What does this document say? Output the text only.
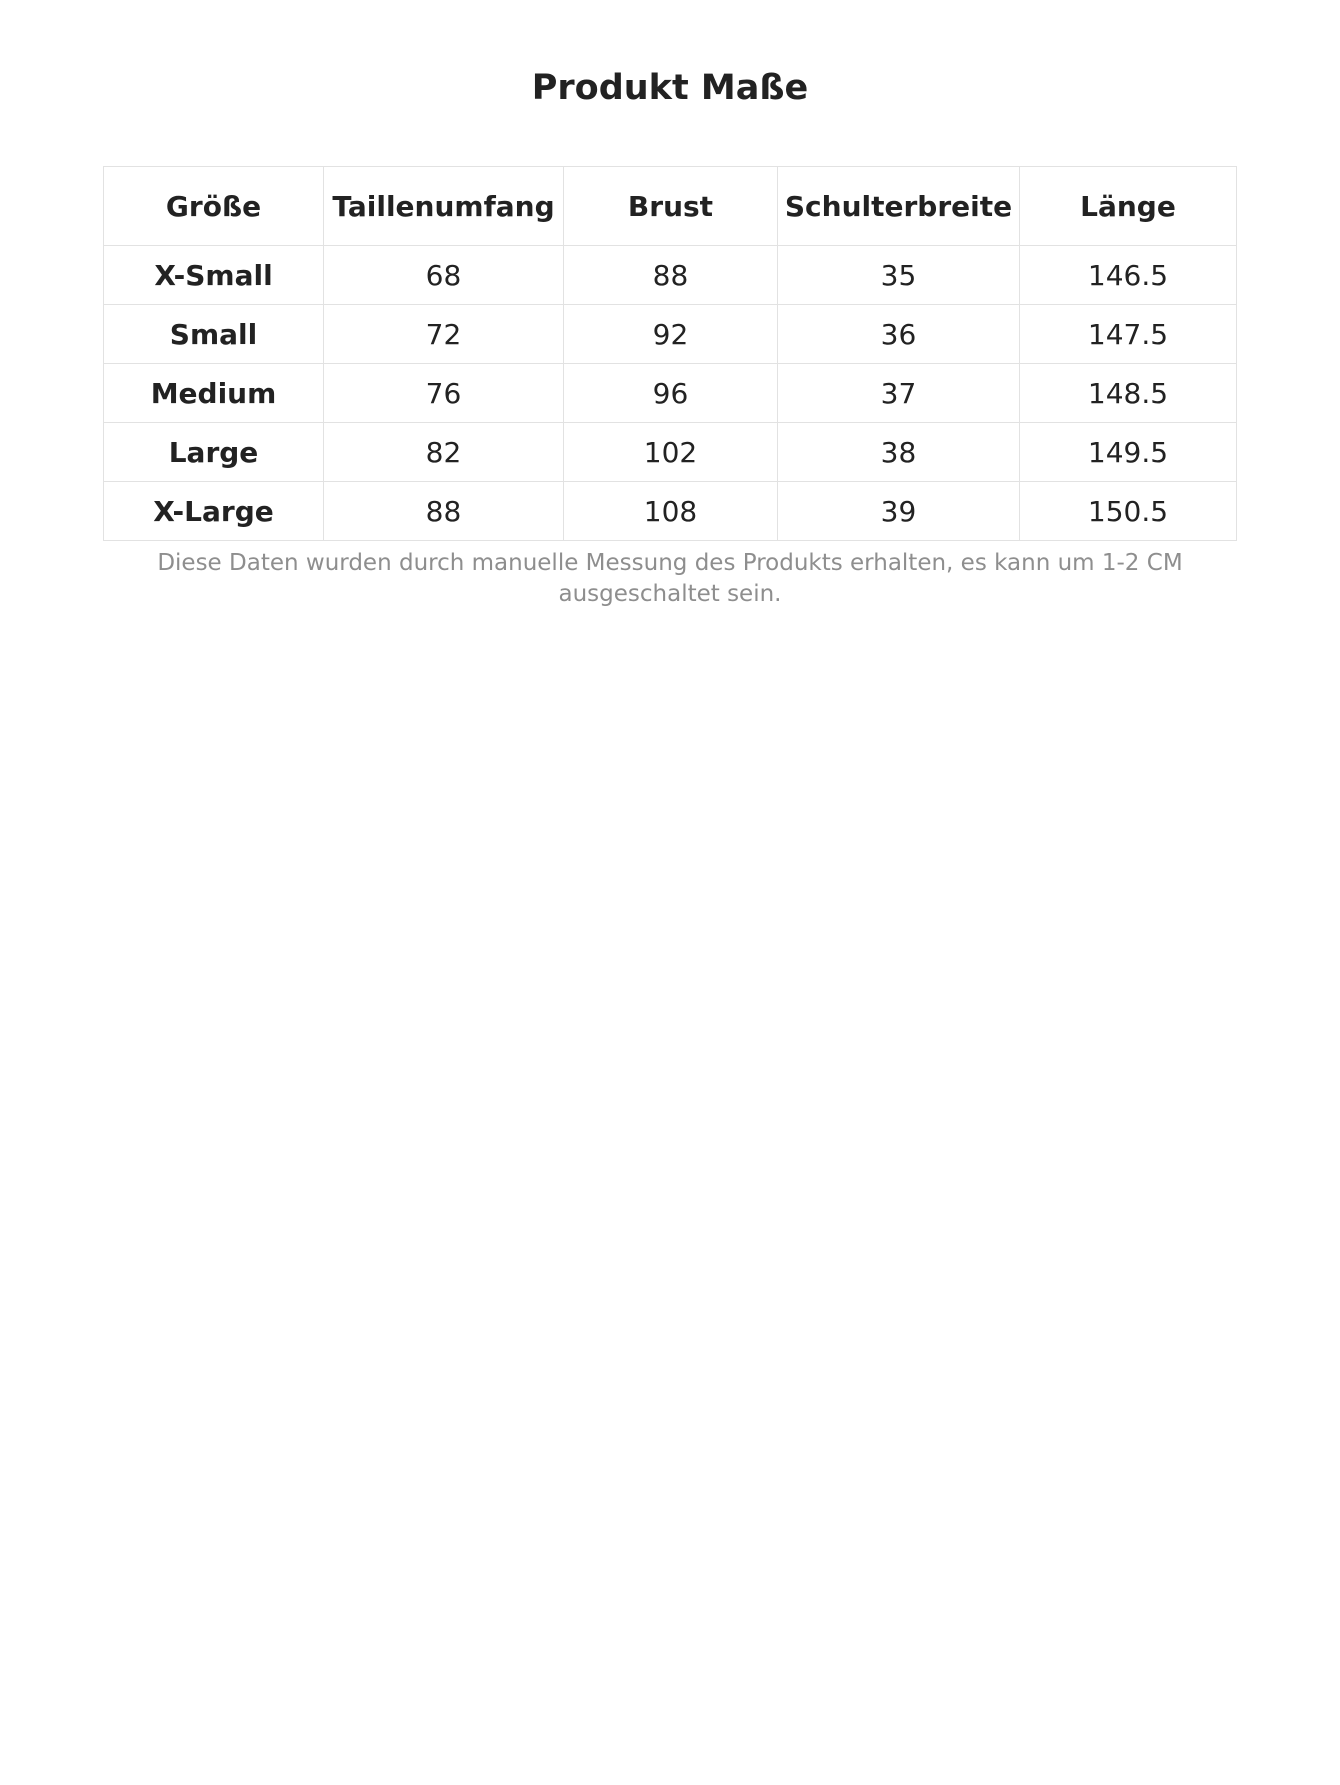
Produkt Maße
Größe	Taillenumfang	Brust	Schulterbreite	Länge
X-Small	68	88	35	146.5
Small	72	92	36	147.5
Medium	76	96	37	148.5
Large	82	102	38	149.5
X-Large	88	108	39	150.5

Diese Daten wurden durch manuelle Messung des Produkts erhalten, es kann um 1-2 CM ausgeschaltet sein.
